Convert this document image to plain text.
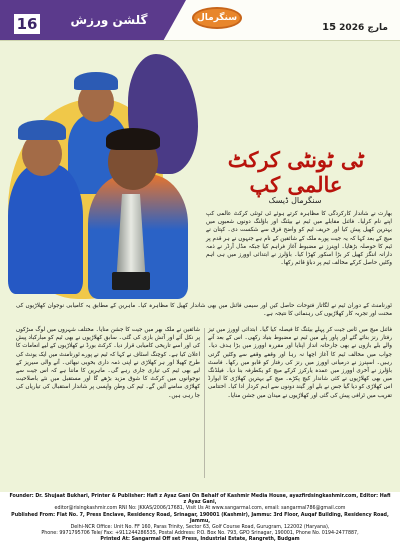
16	گلشن ورزش	سنگرمال
15	مارچ 2026
ٹی ٹونٹی کرکٹ عالمی کپ
سنگرمال ڈیسک

بھارت نے شاندار کارکردگی کا مظاہرہ کرتے ہوئے ٹی ٹونٹی کرکٹ عالمی کپ اپنے نام کرلیا۔ فائنل مقابلے میں ٹیم نے بیٹنگ اور باؤلنگ دونوں شعبوں میں بہترین کھیل پیش کیا اور حریف ٹیم کو واضح فرق سے شکست دی۔ کپتان نے میچ کے بعد کہا کہ یہ جیت پورے ملک کے شائقین کے نام ہے جنہوں نے ہر قدم پر ٹیم کا حوصلہ بڑھایا۔ اوپنرز نے مضبوط آغاز فراہم کیا جبکہ مڈل آرڈر نے ذمہ دارانہ اننگز کھیل کر بڑا اسکور کھڑا کیا۔ باؤلرز نے ابتدائی اوورز میں ہی اہم وکٹیں حاصل کرکے مخالف ٹیم پر دباؤ قائم رکھا۔

ٹورنامنٹ کے دوران ٹیم نے لگاتار فتوحات حاصل کیں اور سیمی فائنل میں بھی شاندار کھیل کا مظاہرہ کیا۔ ماہرین کے مطابق یہ کامیابی نوجوان کھلاڑیوں کی محنت اور تجربہ کار کھلاڑیوں کی رہنمائی کا نتیجہ ہے۔

فائنل میچ میں ٹاس جیت کر پہلے بیٹنگ کا فیصلہ کیا گیا۔ ابتدائی اوورز میں تیز رفتار رنز بنائے گئے اور پاور پلے میں ٹیم نے مضبوط بنیاد رکھی۔ اس کے بعد آنے والے بلے بازوں نے بھی جارحانہ انداز اپنایا اور مقررہ اوورز میں بڑا ہدف دیا۔ جواب میں مخالف ٹیم کا آغاز اچھا نہ رہا اور وقفے وقفے سے وکٹیں گرتی رہیں۔ اسپنرز نے درمیانی اوورز میں رنز کی رفتار کو قابو میں رکھا۔ فاسٹ باؤلرز نے آخری اوورز میں عمدہ یارکرز کرکے میچ کو یکطرفہ بنا دیا۔ فیلڈنگ میں بھی کھلاڑیوں نے کئی شاندار کیچ پکڑے۔ میچ کے بہترین کھلاڑی کا ایوارڈ اس کھلاڑی کو دیا گیا جس نے بلے اور گیند دونوں سے اہم کردار ادا کیا۔ اختتامی تقریب میں ٹرافی پیش کی گئی اور کھلاڑیوں نے میدان میں جشن منایا۔

شائقین نے ملک بھر میں جیت کا جشن منایا۔ مختلف شہروں میں لوگ سڑکوں پر نکل آئے اور آتش بازی کی گئی۔ سابق کھلاڑیوں نے بھی ٹیم کو مبارکباد پیش کی اور اسے تاریخی کامیابی قرار دیا۔ کرکٹ بورڈ نے کھلاڑیوں کے لیے انعامات کا اعلان کیا ہے۔ کوچنگ اسٹاف نے کہا کہ ٹیم نے پورے ٹورنامنٹ میں ایک یونٹ کی طرح کھیلا اور ہر کھلاڑی نے اپنی ذمہ داری بخوبی نبھائی۔ آنے والی سیریز کے لیے بھی ٹیم کی تیاری جاری رہے گی۔ ماہرین کا ماننا ہے کہ اس جیت سے نوجوانوں میں کرکٹ کا شوق مزید بڑھے گا اور مستقبل میں نئے باصلاحیت کھلاڑی سامنے آئیں گے۔ ٹیم کی وطن واپسی پر شاندار استقبال کی تیاریاں کی جا رہی ہیں۔

Founder: Dr. Shujaat Bukhari, Printer & Publisher: Hafi z Ayaz Gani On Behalf of Kashmir Media House, ayazfirdsingkashmir.com, Editor: Hafi z Ayaz Gani,
editor@risingkashmir.com RNI No: JKKAS/2006/17681, Visit Us At www.sangarmal.com, email: sangarmal786@gmail.com
Published From: Flat No. 7, Press Enclave, Residency Road, Srinagar, 190001 (Kashmir), Jammu: 3rd Floor, Auqaf Building, Residency Road, Jammu,
Delhi-NCR Office: Unit No. FF 160, Paras Trinity, Sector 63, Golf Course Road, Gurugram, 122002 (Haryana),
Phone: 9971795706 Tele/ Fax: +911244286535, Postal Address: P.O. Box No. 793, GPO Srinagar, 190001, Phone No. 0194-2477887,
Printed At: Sangarmal Off set Press, Industrial Estate, Rangreth, Budgam
